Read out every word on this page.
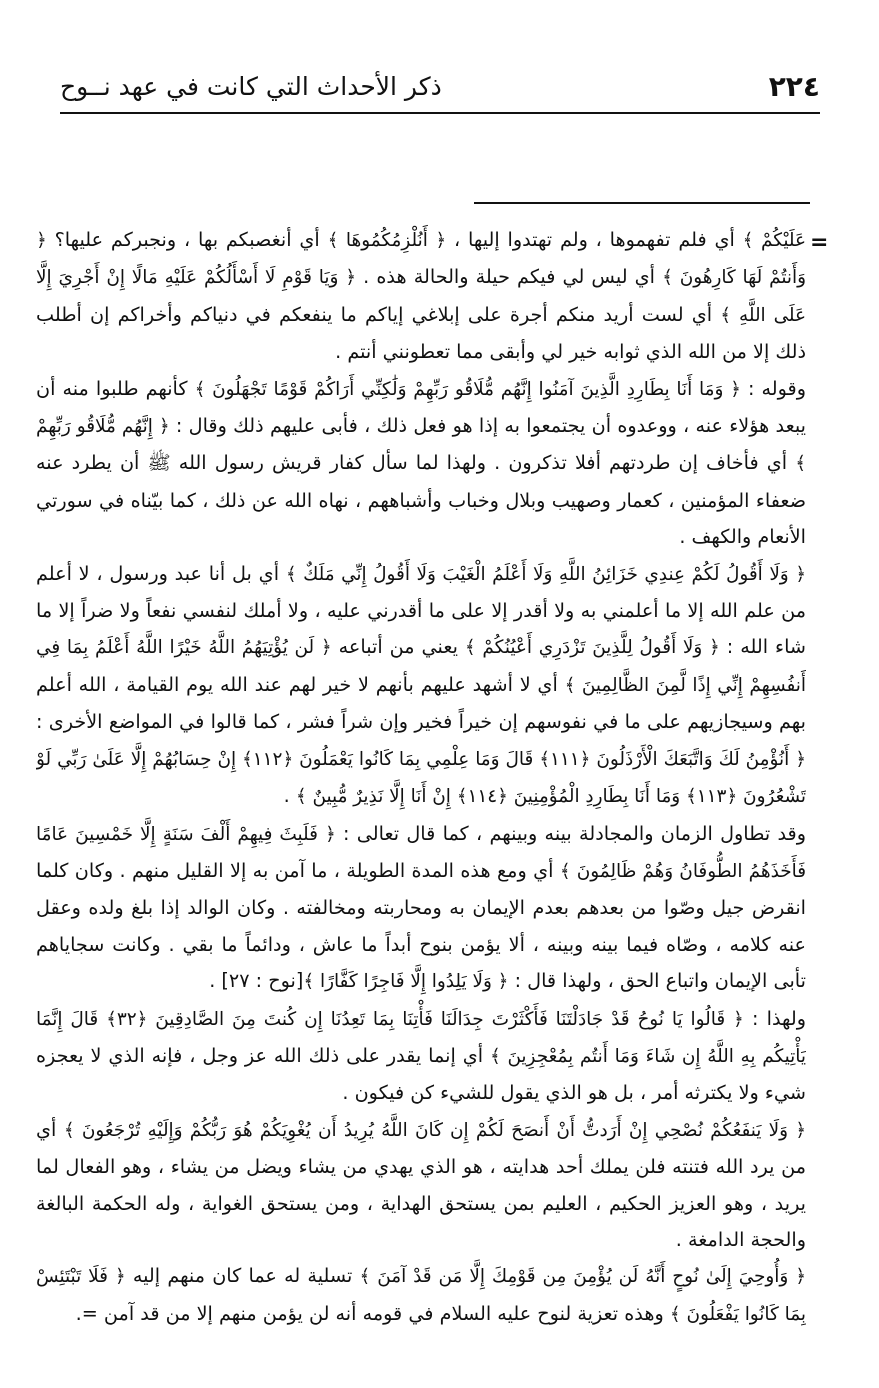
٢٢٤
ذكر الأحداث التي كانت في عهد نــوح
=

عَلَيْكُمْ ﴾ أي فلم تفهموها ، ولم تهتدوا إليها ، ﴿ أَنُلْزِمُكُمُوهَا ﴾ أي أنغصبكم بها ، ونجبركم عليها؟ ﴿ وَأَنتُمْ لَهَا كَارِهُونَ ﴾ أي ليس لي فيكم حيلة والحالة هذه . ﴿ وَيَا قَوْمِ لَا أَسْأَلُكُمْ عَلَيْهِ مَالًا إِنْ أَجْرِيَ إِلَّا عَلَى اللَّهِ ﴾ أي لست أريد منكم أجرة على إبلاغي إياكم ما ينفعكم في دنياكم وأخراكم إن أطلب ذلك إلا من الله الذي ثوابه خير لي وأبقى مما تعطونني أنتم .

وقوله : ﴿ وَمَا أَنَا بِطَارِدِ الَّذِينَ آمَنُوا إِنَّهُم مُّلَاقُو رَبِّهِمْ وَلَٰكِنِّي أَرَاكُمْ قَوْمًا تَجْهَلُونَ ﴾ كأنهم طلبوا منه أن يبعد هؤلاء عنه ، ووعدوه أن يجتمعوا به إذا هو فعل ذلك ، فأبى عليهم ذلك وقال : ﴿ إِنَّهُم مُّلَاقُو رَبِّهِمْ ﴾ أي فأخاف إن طردتهم أفلا تذكرون . ولهذا لما سأل كفار قريش رسول الله ﷺ أن يطرد عنه ضعفاء المؤمنين ، كعمار وصهيب وبلال وخباب وأشباههم ، نهاه الله عن ذلك ، كما بيّناه في سورتي الأنعام والكهف .

﴿ وَلَا أَقُولُ لَكُمْ عِندِي خَزَائِنُ اللَّهِ وَلَا أَعْلَمُ الْغَيْبَ وَلَا أَقُولُ إِنِّي مَلَكٌ ﴾ أي بل أنا عبد ورسول ، لا أعلم من علم الله إلا ما أعلمني به ولا أقدر إلا على ما أقدرني عليه ، ولا أملك لنفسي نفعاً ولا ضراً إلا ما شاء الله : ﴿ وَلَا أَقُولُ لِلَّذِينَ تَزْدَرِي أَعْيُنُكُمْ ﴾ يعني من أتباعه ﴿ لَن يُؤْتِيَهُمُ اللَّهُ خَيْرًا اللَّهُ أَعْلَمُ بِمَا فِي أَنفُسِهِمْ إِنِّي إِذًا لَّمِنَ الظَّالِمِينَ ﴾ أي لا أشهد عليهم بأنهم لا خير لهم عند الله يوم القيامة ، الله أعلم بهم وسيجازيهم على ما في نفوسهم إن خيراً فخير وإن شراً فشر ، كما قالوا في المواضع الأخرى : ﴿ أَنُؤْمِنُ لَكَ وَاتَّبَعَكَ الْأَرْذَلُونَ ﴿١١١﴾ قَالَ وَمَا عِلْمِي بِمَا كَانُوا يَعْمَلُونَ ﴿١١٢﴾ إِنْ حِسَابُهُمْ إِلَّا عَلَىٰ رَبِّي لَوْ تَشْعُرُونَ ﴿١١٣﴾ وَمَا أَنَا بِطَارِدِ الْمُؤْمِنِينَ ﴿١١٤﴾ إِنْ أَنَا إِلَّا نَذِيرٌ مُّبِينٌ ﴾ .

وقد تطاول الزمان والمجادلة بينه وبينهم ، كما قال تعالى : ﴿ فَلَبِثَ فِيهِمْ أَلْفَ سَنَةٍ إِلَّا خَمْسِينَ عَامًا فَأَخَذَهُمُ الطُّوفَانُ وَهُمْ ظَالِمُونَ ﴾ أي ومع هذه المدة الطويلة ، ما آمن به إلا القليل منهم . وكان كلما انقرض جيل وصّوا من بعدهم بعدم الإيمان به ومحاربته ومخالفته . وكان الوالد إذا بلغ ولده وعقل عنه كلامه ، وصّاه فيما بينه وبينه ، ألا يؤمن بنوح أبداً ما عاش ، ودائماً ما بقي . وكانت سجاياهم تأبى الإيمان واتباع الحق ، ولهذا قال : ﴿ وَلَا يَلِدُوا إِلَّا فَاجِرًا كَفَّارًا ﴾[نوح : ٢٧] .

ولهذا : ﴿ قَالُوا يَا نُوحُ قَدْ جَادَلْتَنَا فَأَكْثَرْتَ جِدَالَنَا فَأْتِنَا بِمَا تَعِدُنَا إِن كُنتَ مِنَ الصَّادِقِينَ ﴿٣٢﴾ قَالَ إِنَّمَا يَأْتِيكُم بِهِ اللَّهُ إِن شَاءَ وَمَا أَنتُم بِمُعْجِزِينَ ﴾ أي إنما يقدر على ذلك الله عز وجل ، فإنه الذي لا يعجزه شيء ولا يكترثه أمر ، بل هو الذي يقول للشيء كن فيكون .

﴿ وَلَا يَنفَعُكُمْ نُصْحِي إِنْ أَرَدتُّ أَنْ أَنصَحَ لَكُمْ إِن كَانَ اللَّهُ يُرِيدُ أَن يُغْوِيَكُمْ هُوَ رَبُّكُمْ وَإِلَيْهِ تُرْجَعُونَ ﴾ أي من يرد الله فتنته فلن يملك أحد هدايته ، هو الذي يهدي من يشاء ويضل من يشاء ، وهو الفعال لما يريد ، وهو العزيز الحكيم ، العليم بمن يستحق الهداية ، ومن يستحق الغواية ، وله الحكمة البالغة والحجة الدامغة .

﴿ وَأُوحِيَ إِلَىٰ نُوحٍ أَنَّهُ لَن يُؤْمِنَ مِن قَوْمِكَ إِلَّا مَن قَدْ آمَنَ ﴾ تسلية له عما كان منهم إليه ﴿ فَلَا تَبْتَئِسْ بِمَا كَانُوا يَفْعَلُونَ ﴾ وهذه تعزية لنوح عليه السلام في قومه أنه لن يؤمن منهم إلا من قد آمن =.
